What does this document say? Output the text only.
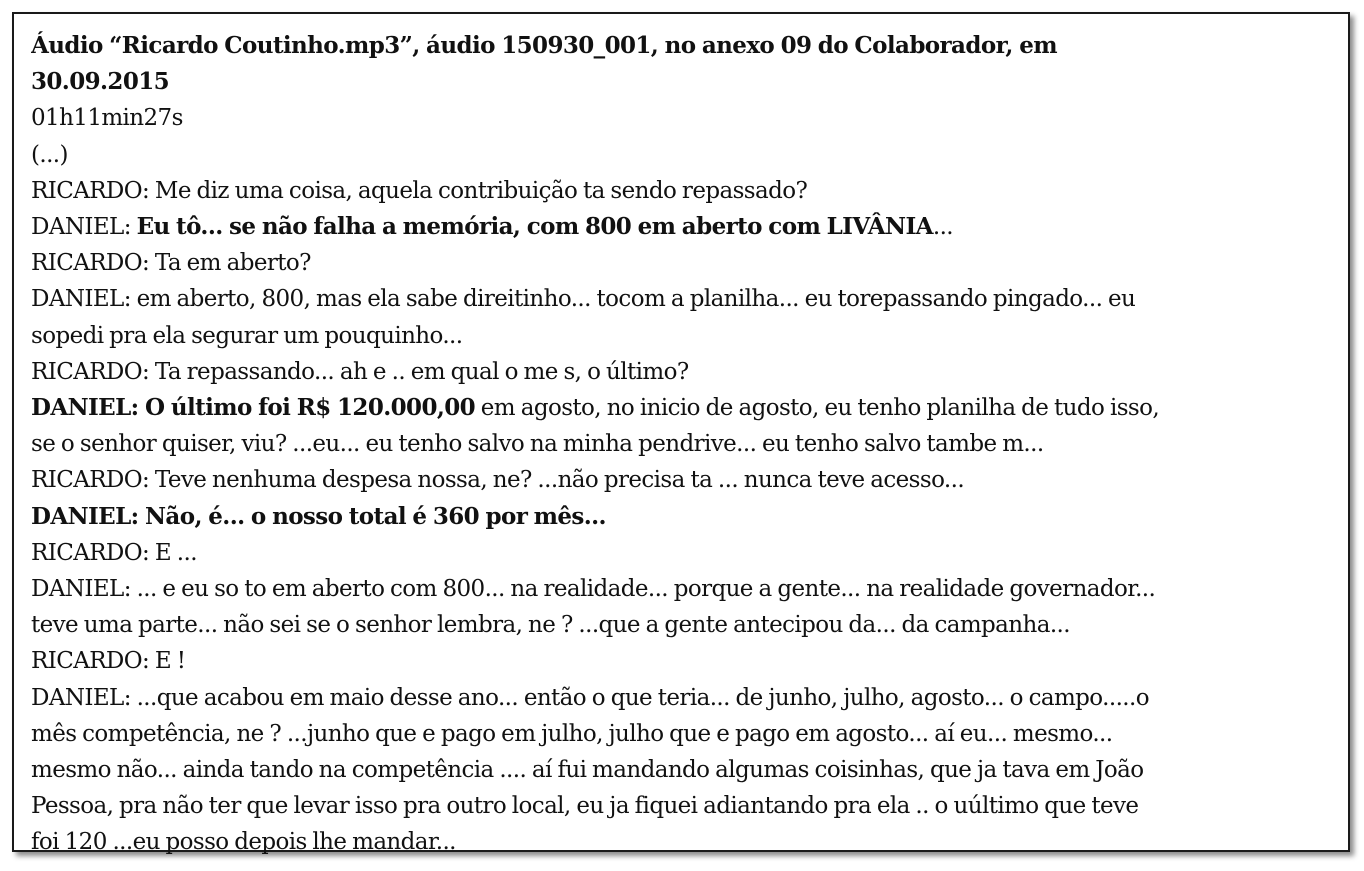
Áudio “Ricardo Coutinho.mp3”, áudio 150930_001, no anexo 09 do Colaborador, em

30.09.2015

01h11min27s

(...)

RICARDO: Me diz uma coisa, aquela contribuição ta sendo repassado?

DANIEL: Eu tô... se não falha a memória, com 800 em aberto com LIVÂNIA...

RICARDO: Ta em aberto?

DANIEL: em aberto, 800, mas ela sabe direitinho... tocom a planilha... eu torepassando pingado... eu

sopedi pra ela segurar um pouquinho...

RICARDO: Ta repassando... ah e .. em qual o me s, o último?

DANIEL: O último foi R$ 120.000,00 em agosto, no inicio de agosto, eu tenho planilha de tudo isso,

se o senhor quiser, viu? ...eu... eu tenho salvo na minha pendrive... eu tenho salvo tambe m...

RICARDO: Teve nenhuma despesa nossa, ne? ...não precisa ta ... nunca teve acesso...

DANIEL: Não, é... o nosso total é 360 por mês...

RICARDO: E ...

DANIEL: ... e eu so to em aberto com 800... na realidade... porque a gente... na realidade governador...

teve uma parte... não sei se o senhor lembra, ne ? ...que a gente antecipou da... da campanha...

RICARDO: E !

DANIEL: ...que acabou em maio desse ano... então o que teria... de junho, julho, agosto... o campo.....o

mês competência, ne ? ...junho que e pago em julho, julho que e pago em agosto... aí eu... mesmo...

mesmo não... ainda tando na competência .... aí fui mandando algumas coisinhas, que ja tava em João

Pessoa, pra não ter que levar isso pra outro local, eu ja fiquei adiantando pra ela .. o uúltimo que teve

foi 120 ...eu posso depois lhe mandar...
